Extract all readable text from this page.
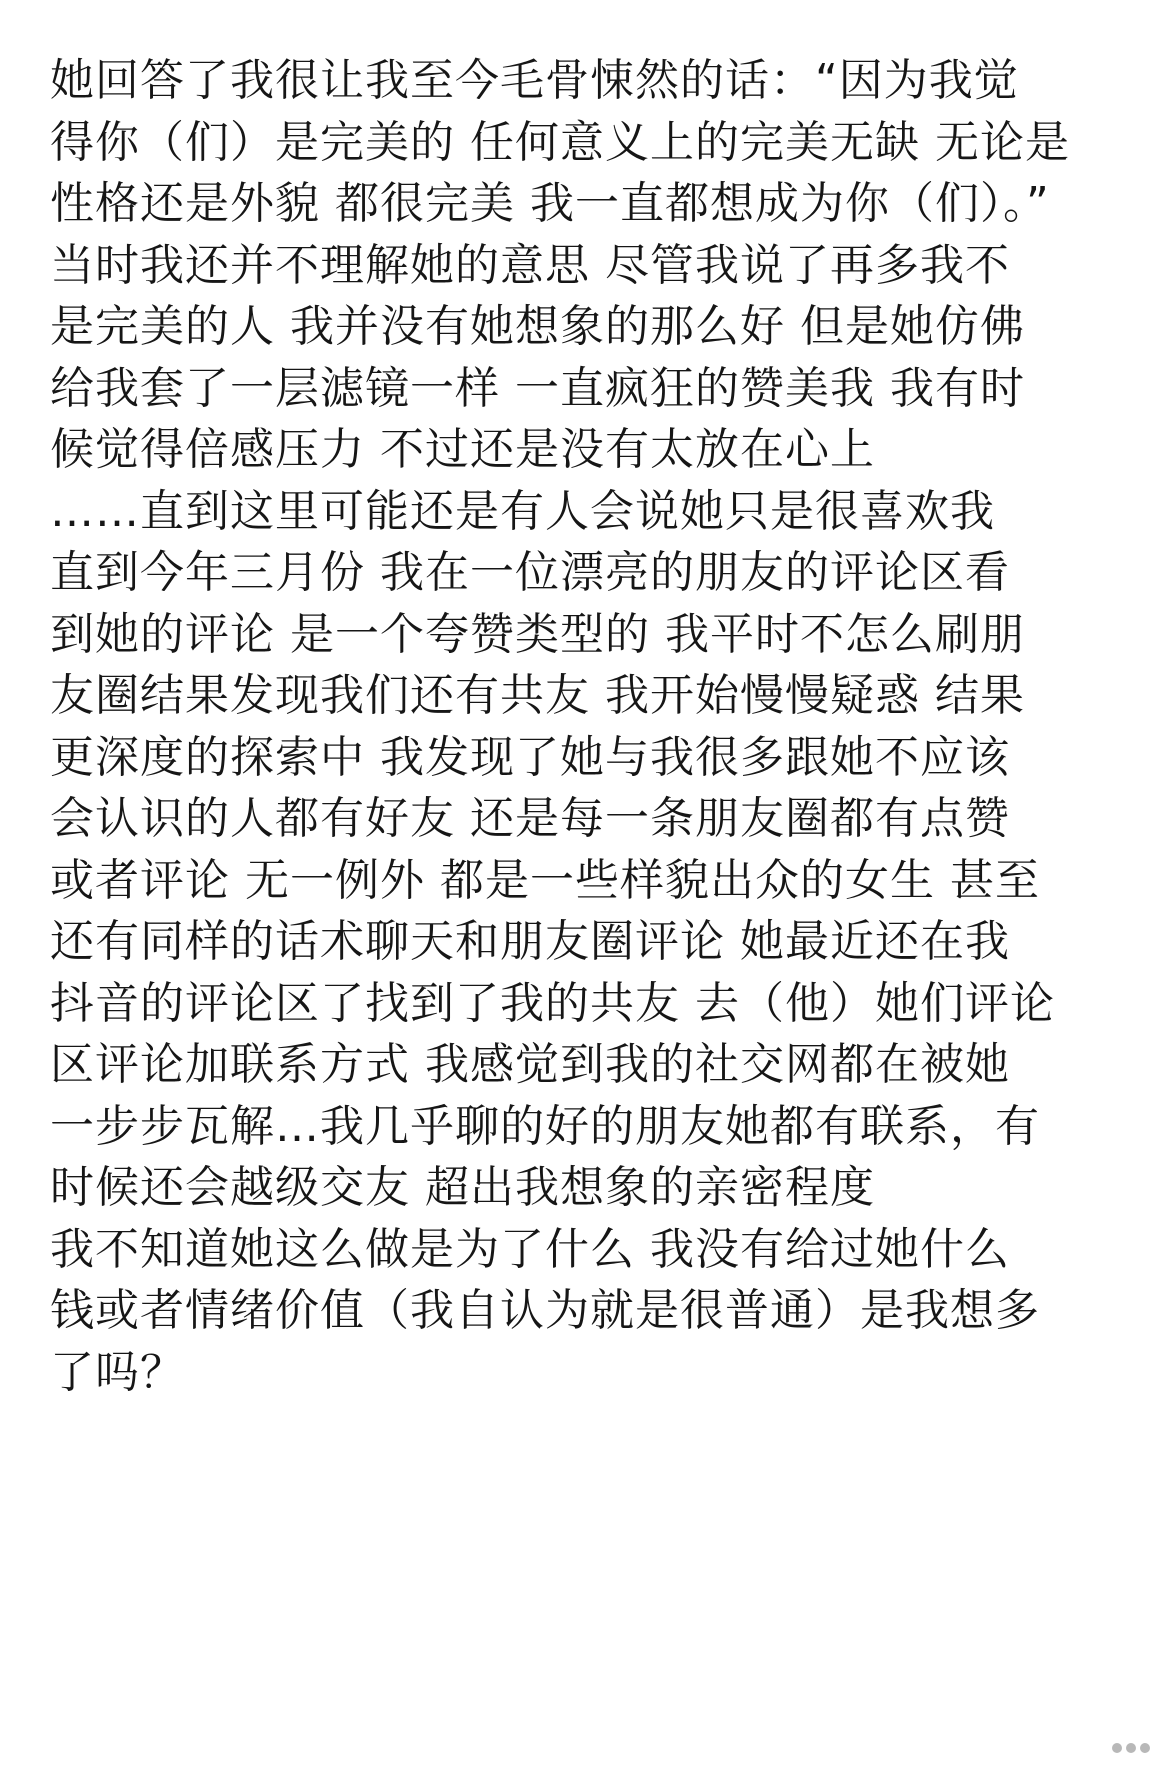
她回答了我很让我至今毛骨悚然的话：“因为我觉
得你（们）是完美的 任何意义上的完美无缺 无论是
性格还是外貌 都很完美 我一直都想成为你（们）。”
当时我还并不理解她的意思 尽管我说了再多我不
是完美的人 我并没有她想象的那么好 但是她仿佛
给我套了一层滤镜一样 一直疯狂的赞美我 我有时
候觉得倍感压力 不过还是没有太放在心上
……直到这里可能还是有人会说她只是很喜欢我
直到今年三月份 我在一位漂亮的朋友的评论区看
到她的评论 是一个夸赞类型的 我平时不怎么刷朋
友圈结果发现我们还有共友 我开始慢慢疑惑 结果
更深度的探索中 我发现了她与我很多跟她不应该
会认识的人都有好友 还是每一条朋友圈都有点赞
或者评论 无一例外 都是一些样貌出众的女生 甚至
还有同样的话术聊天和朋友圈评论 她最近还在我
抖音的评论区了找到了我的共友 去（他）她们评论
区评论加联系方式 我感觉到我的社交网都在被她
一步步瓦解…我几乎聊的好的朋友她都有联系，有
时候还会越级交友 超出我想象的亲密程度
我不知道她这么做是为了什么 我没有给过她什么
钱或者情绪价值（我自认为就是很普通）是我想多
了吗？
